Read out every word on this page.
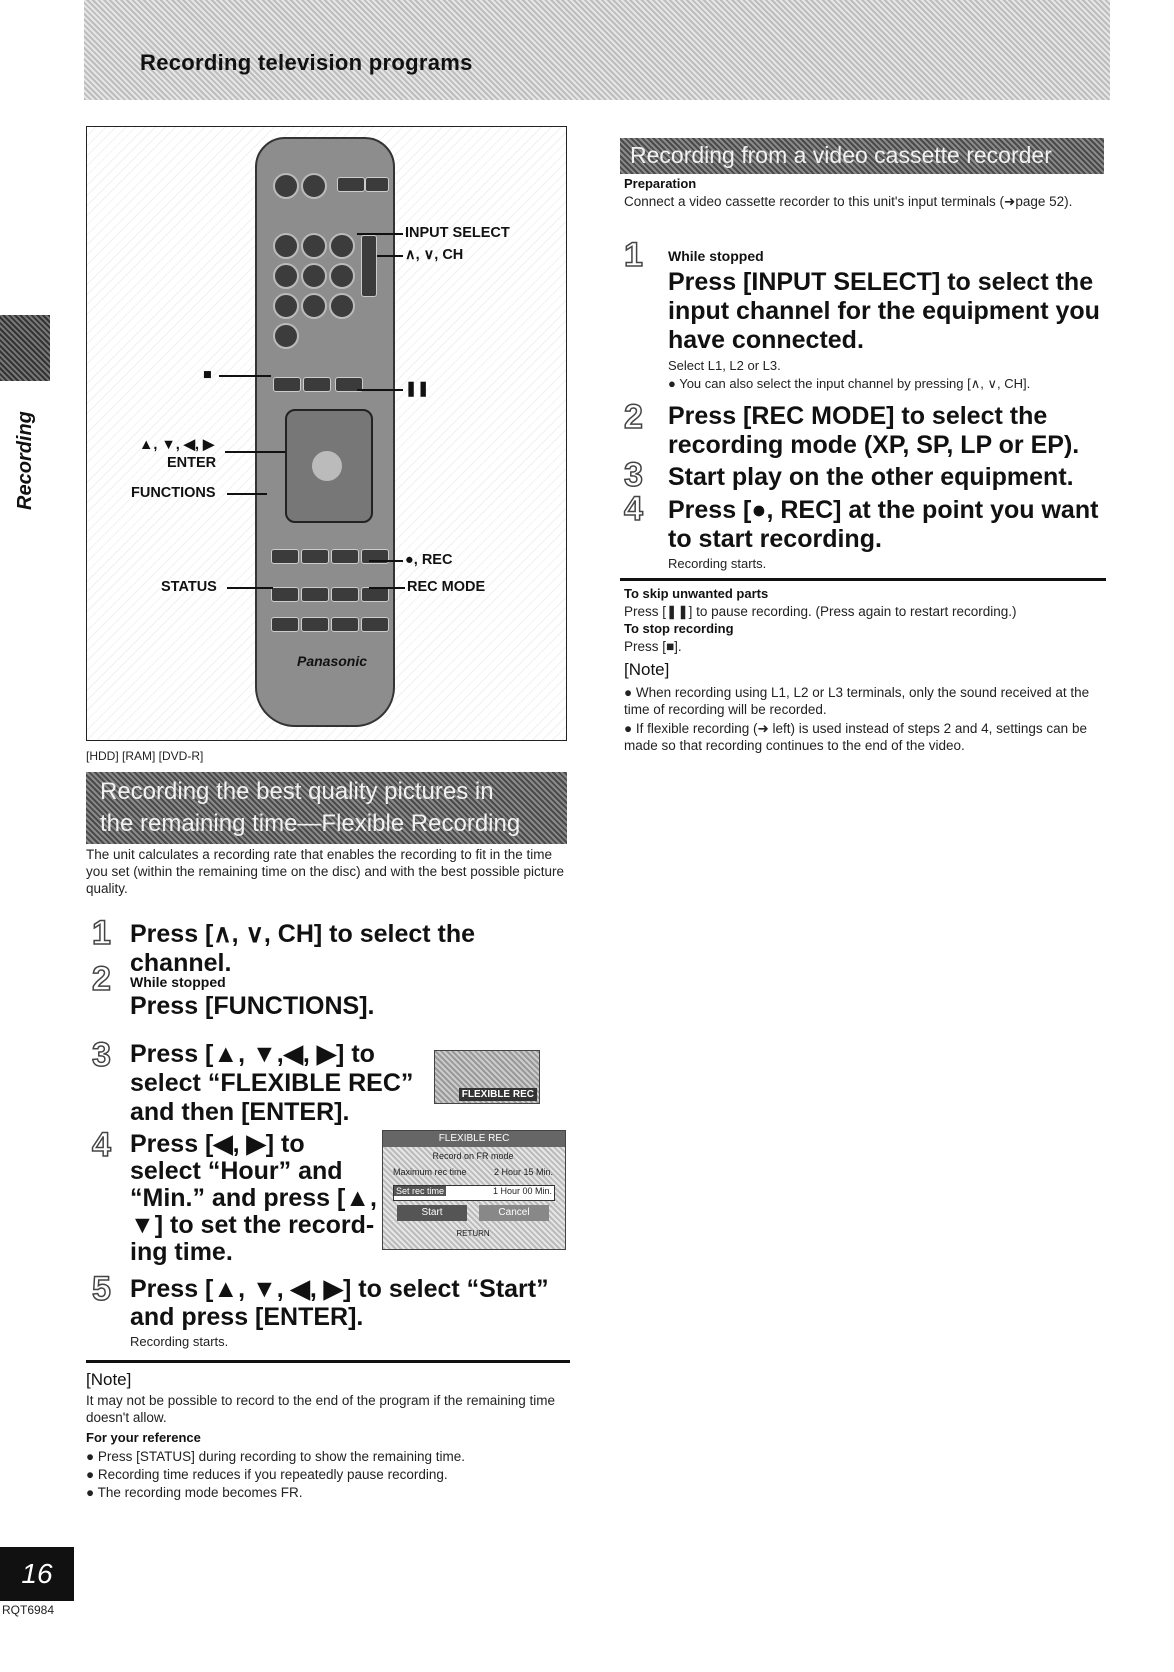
Recording television programs
Recording
Panasonic
INPUT SELECT
∧, ∨, CH
■
❚❚
▲, ▼, ◀, ▶
ENTER
FUNCTIONS
●, REC
STATUS	REC MODE
[HDD] [RAM] [DVD-R]
Recording the best quality pictures in
the remaining time—Flexible Recording
The unit calculates a recording rate that enables the recording to fit in the time you set (within the remaining time on the disc) and with the best possible picture quality.
1 Press [∧, ∨, CH] to select the channel.
2 While stopped
Press [FUNCTIONS].
3 Press [▲, ▼,◀, ▶] to
select “FLEXIBLE REC”
and then [ENTER].
FLEXIBLE REC
4 Press [◀, ▶] to
select “Hour” and
“Min.” and press [▲,
▼] to set the record-
ing time.
FLEXIBLE REC
Record on FR mode
Maximum rec time	2 Hour 15 Min.
Set rec time	1 Hour 00 Min.
Start	Cancel
RETURN
5 Press [▲, ▼, ◀, ▶] to select “Start”
and press [ENTER].
Recording starts.
[Note]
It may not be possible to record to the end of the program if the remaining time doesn't allow.
For your reference
● Press [STATUS] during recording to show the remaining time.
● Recording time reduces if you repeatedly pause recording.
● The recording mode becomes FR.
Recording from a video cassette recorder
Preparation
Connect a video cassette recorder to this unit's input terminals (➜page 52).
1 While stopped
Press [INPUT SELECT] to select the
input channel for the equipment you
have connected.
Select L1, L2 or L3.
● You can also select the input channel by pressing [∧, ∨, CH].
2 Press [REC MODE] to select the
recording mode (XP, SP, LP or EP).
3 Start play on the other equipment.
4 Press [●, REC] at the point you want
to start recording.
Recording starts.
To skip unwanted parts
Press [❚❚] to pause recording. (Press again to restart recording.)
To stop recording
Press [■].
[Note]
● When recording using L1, L2 or L3 terminals, only the sound received at the time of recording will be recorded.
● If flexible recording (➜ left) is used instead of steps 2 and 4, settings can be made so that recording continues to the end of the video.
16
RQT6984
